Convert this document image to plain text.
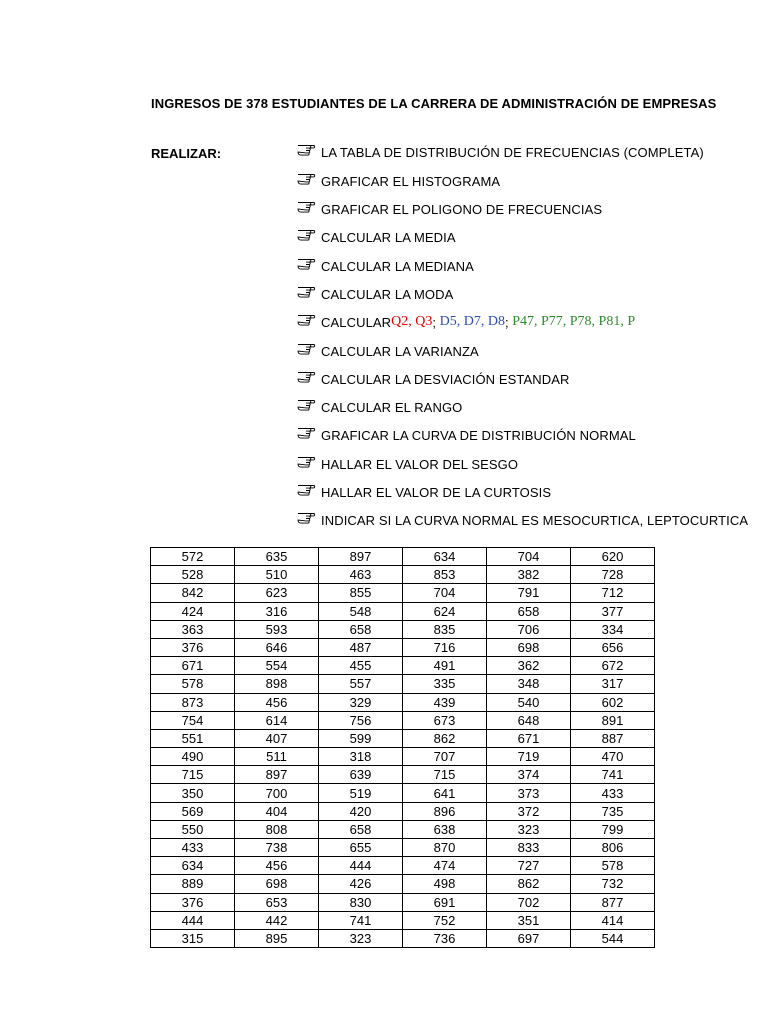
INGRESOS DE 378 ESTUDIANTES DE LA CARRERA DE ADMINISTRACIÓN DE EMPRESAS
REALIZAR:	LA TABLA DE DISTRIBUCIÓN DE FRECUENCIAS (COMPLETA)
GRAFICAR EL HISTOGRAMA
GRAFICAR EL POLIGONO DE FRECUENCIAS
CALCULAR LA MEDIA
CALCULAR LA MEDIANA
CALCULAR LA MODA
CALCULAR Q2, Q3 ; D5, D7, D8 ; P47, P77, P78, P81, P
CALCULAR LA VARIANZA
CALCULAR LA DESVIACIÓN ESTANDAR
CALCULAR EL RANGO
GRAFICAR LA CURVA DE DISTRIBUCIÓN NORMAL
HALLAR EL VALOR DEL SESGO
HALLAR EL VALOR DE LA CURTOSIS
INDICAR SI LA CURVA NORMAL ES MESOCURTICA, LEPTOCURTICA
572	635	897	634	704	620
528	510	463	853	382	728
842	623	855	704	791	712
424	316	548	624	658	377
363	593	658	835	706	334
376	646	487	716	698	656
671	554	455	491	362	672
578	898	557	335	348	317
873	456	329	439	540	602
754	614	756	673	648	891
551	407	599	862	671	887
490	511	318	707	719	470
715	897	639	715	374	741
350	700	519	641	373	433
569	404	420	896	372	735
550	808	658	638	323	799
433	738	655	870	833	806
634	456	444	474	727	578
889	698	426	498	862	732
376	653	830	691	702	877
444	442	741	752	351	414
315	895	323	736	697	544
